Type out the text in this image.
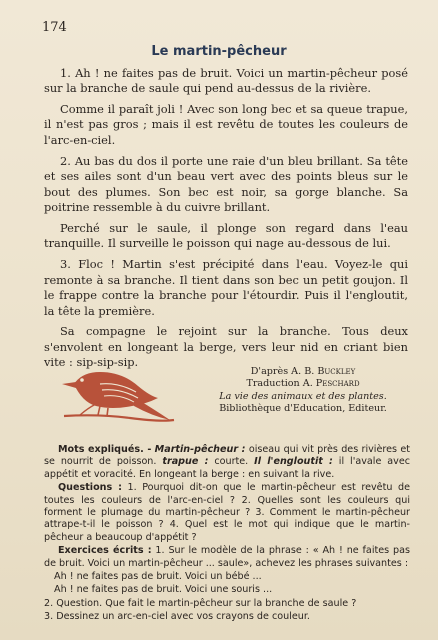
174
Le martin-pêcheur

1. Ah ! ne faites pas de bruit. Voici un martin-pêcheur posé sur la branche de saule qui pend au-dessus de la rivière.

Comme il paraît joli ! Avec son long bec et sa queue trapue, il n'est pas gros ; mais il est revêtu de toutes les couleurs de l'arc-en-ciel.

2. Au bas du dos il porte une raie d'un bleu brillant. Sa tête et ses ailes sont d'un beau vert avec des points bleus sur le bout des plumes. Son bec est noir, sa gorge blanche. Sa poitrine ressemble à du cuivre brillant.

Perché sur le saule, il plonge son regard dans l'eau tranquille. Il surveille le poisson qui nage au-dessous de lui.

3. Floc ! Martin s'est précipité dans l'eau. Voyez-le qui remonte à sa branche. Il tient dans son bec un petit goujon. Il le frappe contre la branche pour l'étourdir. Puis il l'engloutit, la tête la première.

Sa compagne le rejoint sur la branche. Tous deux s'envolent en longeant la berge, vers leur nid en criant bien vite : sip-sip-sip.

D'après A. B. Buckley
Traduction A. Peschard
La vie des animaux et des plantes.
Bibliothèque d'Education, Editeur.

Mots expliqués. - Martin-pêcheur : oiseau qui vit près des rivières et se nourrit de poisson. trapue : courte. Il l'engloutit : il l'avale avec appétit et voracité. En longeant la berge : en suivant la rive.

Questions : 1. Pourquoi dit-on que le martin-pêcheur est revêtu de toutes les couleurs de l'arc-en-ciel ? 2. Quelles sont les couleurs qui forment le plumage du martin-pêcheur ? 3. Comment le martin-pêcheur attrape-t-il le poisson ? 4. Quel est le mot qui indique que le martin-pêcheur a beaucoup d'appétit ?

Exercices écrits : 1. Sur le modèle de la phrase : « Ah ! ne faites pas de bruit. Voici un martin-pêcheur ... saule», achevez les phrases suivantes :

Ah ! ne faites pas de bruit. Voici un bébé ...

Ah ! ne faites pas de bruit. Voici une souris ...

2. Question. Que fait le martin-pêcheur sur la branche de saule ?

3. Dessinez un arc-en-ciel avec vos crayons de couleur.
